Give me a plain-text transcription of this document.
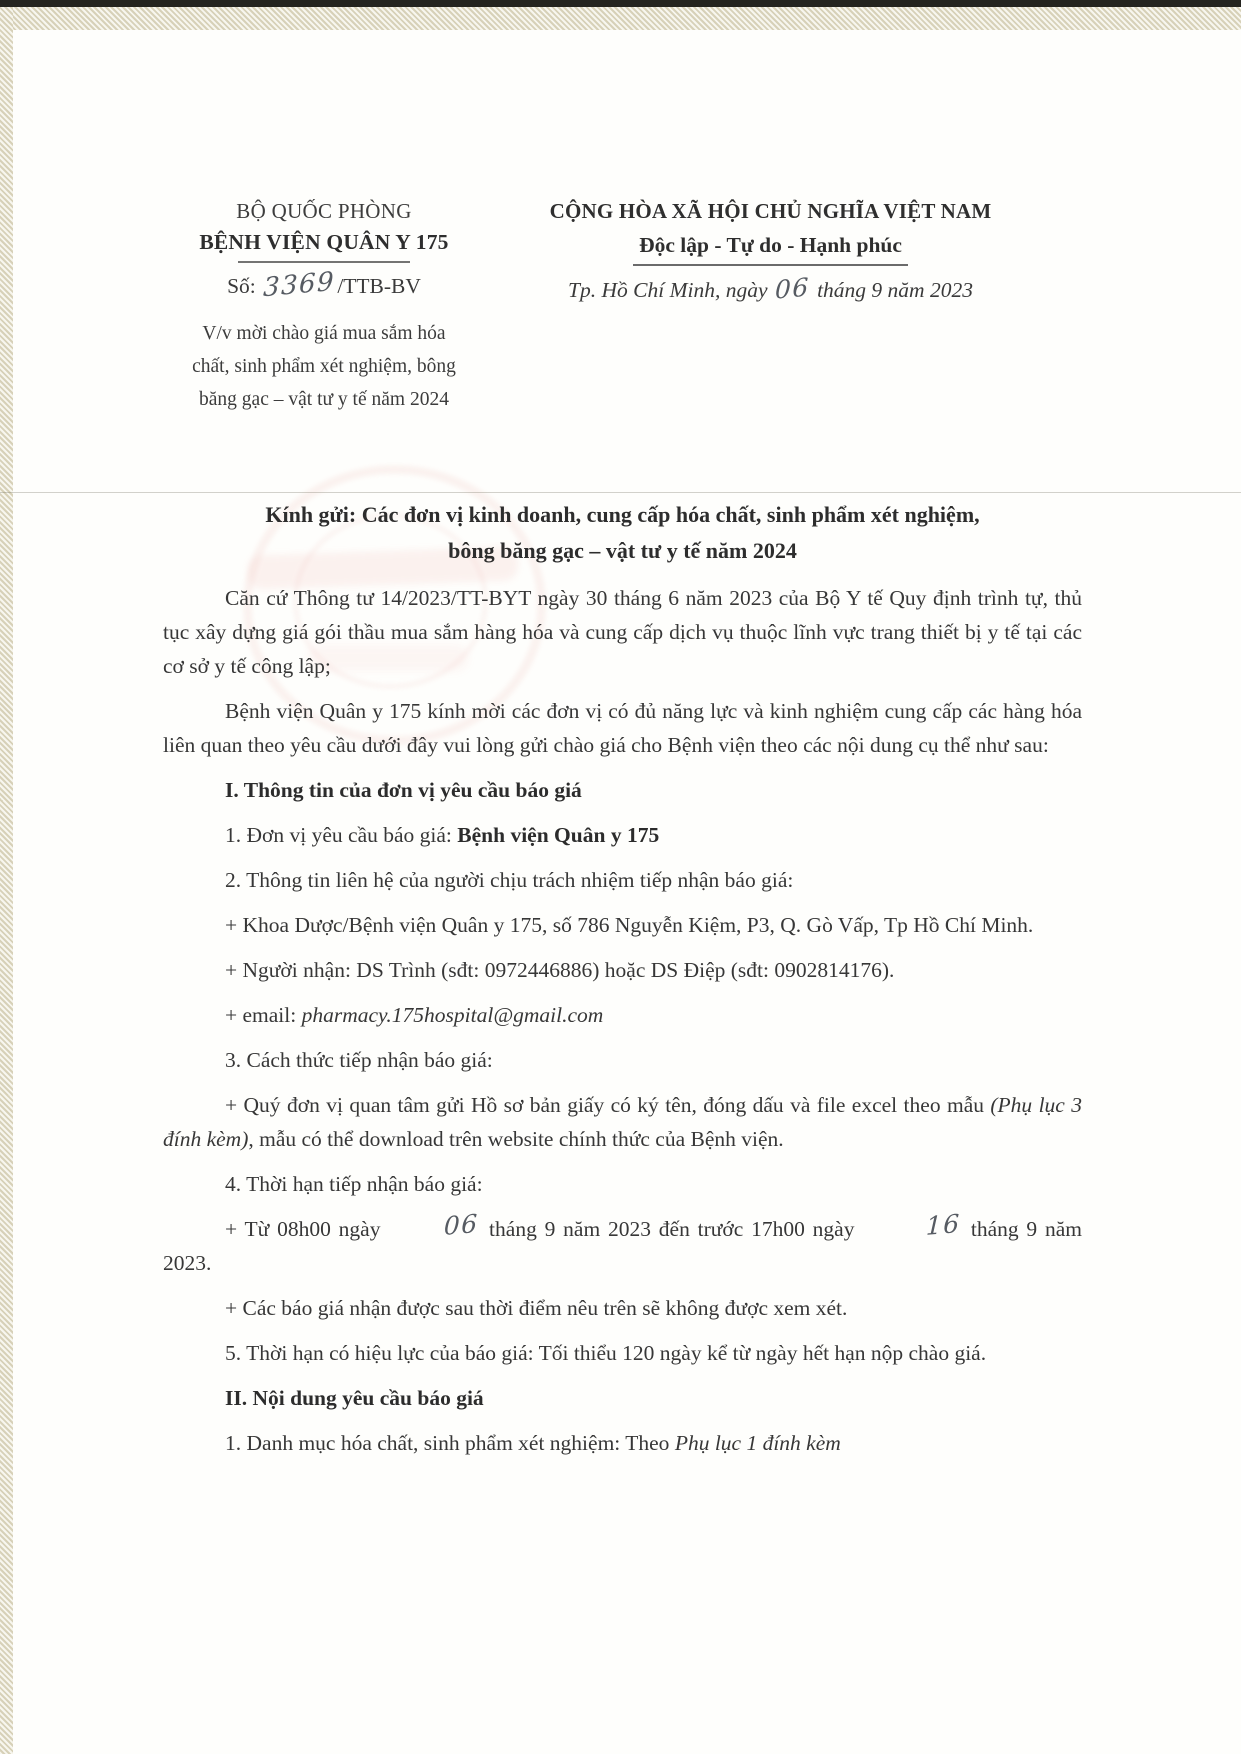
BỘ QUỐC PHÒNG
BỆNH VIỆN QUÂN Y 175
Số: 3369/TTB-BV
V/v mời chào giá mua sắm hóa
chất, sinh phẩm xét nghiệm, bông
băng gạc – vật tư y tế năm 2024
CỘNG HÒA XÃ HỘI CHỦ NGHĨA VIỆT NAM
Độc lập - Tự do - Hạnh phúc
Tp. Hồ Chí Minh, ngày 06 tháng 9 năm 2023
Kính gửi: Các đơn vị kinh doanh, cung cấp hóa chất, sinh phẩm xét nghiệm,
bông băng gạc – vật tư y tế năm 2024

Căn cứ Thông tư 14/2023/TT-BYT ngày 30 tháng 6 năm 2023 của Bộ Y tế Quy định trình tự, thủ tục xây dựng giá gói thầu mua sắm hàng hóa và cung cấp dịch vụ thuộc lĩnh vực trang thiết bị y tế tại các cơ sở y tế công lập;

Bệnh viện Quân y 175 kính mời các đơn vị có đủ năng lực và kinh nghiệm cung cấp các hàng hóa liên quan theo yêu cầu dưới đây vui lòng gửi chào giá cho Bệnh viện theo các nội dung cụ thể như sau:

I. Thông tin của đơn vị yêu cầu báo giá

1. Đơn vị yêu cầu báo giá: Bệnh viện Quân y 175

2. Thông tin liên hệ của người chịu trách nhiệm tiếp nhận báo giá:

+ Khoa Dược/Bệnh viện Quân y 175, số 786 Nguyễn Kiệm, P3, Q. Gò Vấp, Tp Hồ Chí Minh.

+ Người nhận: DS Trình (sđt: 0972446886) hoặc DS Điệp (sđt: 0902814176).

+ email: pharmacy.175hospital@gmail.com

3. Cách thức tiếp nhận báo giá:

+ Quý đơn vị quan tâm gửi Hồ sơ bản giấy có ký tên, đóng dấu và file excel theo mẫu (Phụ lục 3 đính kèm), mẫu có thể download trên website chính thức của Bệnh viện.

4. Thời hạn tiếp nhận báo giá:

+ Từ 08h00 ngày	06 tháng 9 năm 2023 đến trước 17h00 ngày	16 tháng 9 năm
2023.

+ Các báo giá nhận được sau thời điểm nêu trên sẽ không được xem xét.

5. Thời hạn có hiệu lực của báo giá: Tối thiểu 120 ngày kể từ ngày hết hạn nộp chào giá.

II. Nội dung yêu cầu báo giá

1. Danh mục hóa chất, sinh phẩm xét nghiệm: Theo Phụ lục 1 đính kèm
